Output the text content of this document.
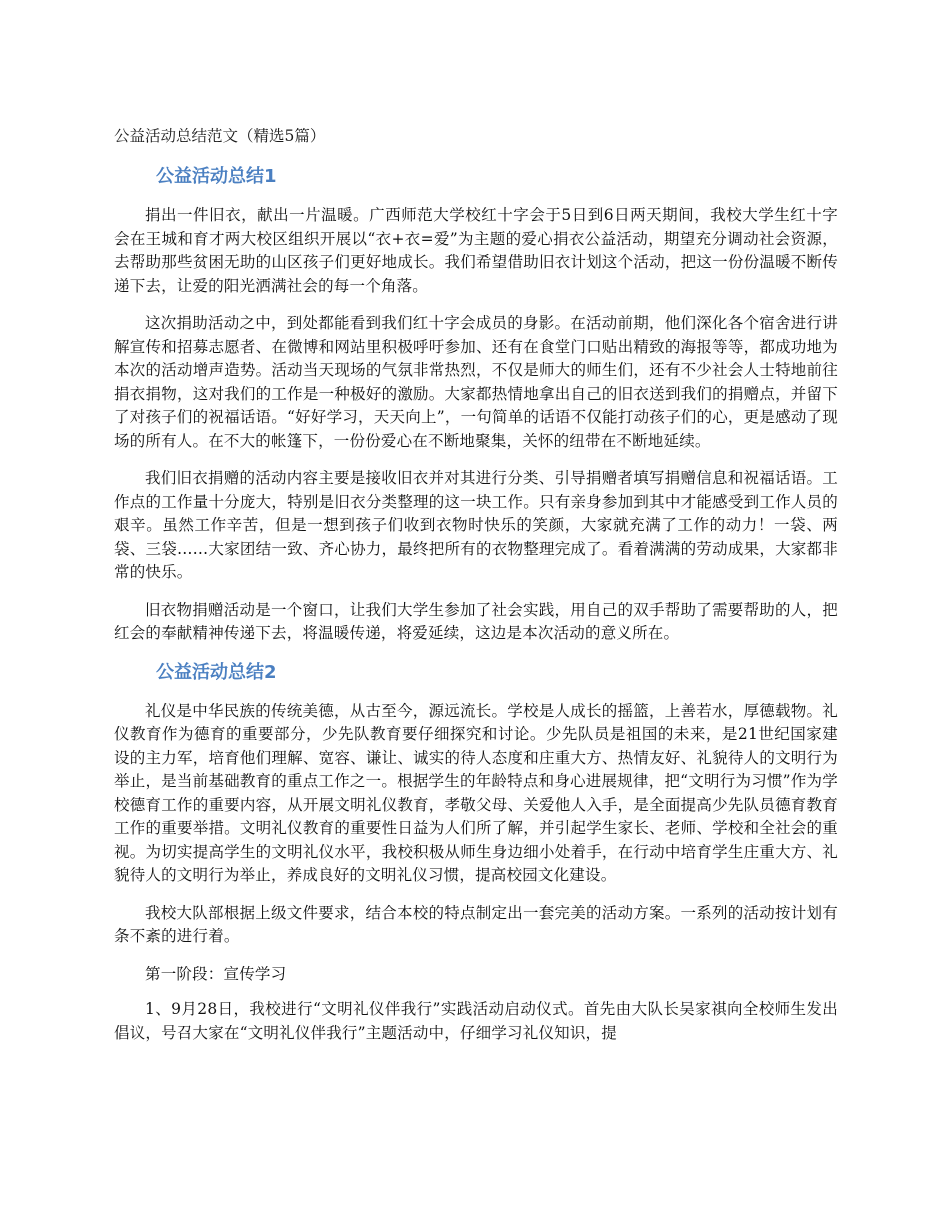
公益活动总结范文（精选5篇）
公益活动总结1

捐出一件旧衣，献出一片温暖。广西师范大学校红十字会于5日到6日两天期间，我校大学生红十字会在王城和育才两大校区组织开展以“衣+衣=爱”为主题的爱心捐衣公益活动，期望充分调动社会资源，去帮助那些贫困无助的山区孩子们更好地成长。我们希望借助旧衣计划这个活动，把这一份份温暖不断传递下去，让爱的阳光洒满社会的每一个角落。

这次捐助活动之中，到处都能看到我们红十字会成员的身影。在活动前期，他们深化各个宿舍进行讲解宣传和招募志愿者、在微博和网站里积极呼吁参加、还有在食堂门口贴出精致的海报等等，都成功地为本次的活动增声造势。活动当天现场的气氛非常热烈，不仅是师大的师生们，还有不少社会人士特地前往捐衣捐物，这对我们的工作是一种极好的激励。大家都热情地拿出自己的旧衣送到我们的捐赠点，并留下了对孩子们的祝福话语。“好好学习，天天向上”，一句简单的话语不仅能打动孩子们的心，更是感动了现场的所有人。在不大的帐篷下，一份份爱心在不断地聚集，关怀的纽带在不断地延续。

我们旧衣捐赠的活动内容主要是接收旧衣并对其进行分类、引导捐赠者填写捐赠信息和祝福话语。工作点的工作量十分庞大，特别是旧衣分类整理的这一块工作。只有亲身参加到其中才能感受到工作人员的艰辛。虽然工作辛苦，但是一想到孩子们收到衣物时快乐的笑颜，大家就充满了工作的动力！一袋、两袋、三袋……大家团结一致、齐心协力，最终把所有的衣物整理完成了。看着满满的劳动成果，大家都非常的快乐。

旧衣物捐赠活动是一个窗口，让我们大学生参加了社会实践，用自己的双手帮助了需要帮助的人，把红会的奉献精神传递下去，将温暖传递，将爱延续，这边是本次活动的意义所在。

公益活动总结2

礼仪是中华民族的传统美德，从古至今，源远流长。学校是人成长的摇篮，上善若水，厚德载物。礼仪教育作为德育的重要部分，少先队教育要仔细探究和讨论。少先队员是祖国的未来，是21世纪国家建设的主力军，培育他们理解、宽容、谦让、诚实的待人态度和庄重大方、热情友好、礼貌待人的文明行为举止，是当前基础教育的重点工作之一。根据学生的年龄特点和身心进展规律，把“文明行为习惯”作为学校德育工作的重要内容，从开展文明礼仪教育，孝敬父母、关爱他人入手，是全面提高少先队员德育教育工作的重要举措。文明礼仪教育的重要性日益为人们所了解，并引起学生家长、老师、学校和全社会的重视。为切实提高学生的文明礼仪水平，我校积极从师生身边细小处着手，在行动中培育学生庄重大方、礼貌待人的文明行为举止，养成良好的文明礼仪习惯，提高校园文化建设。

我校大队部根据上级文件要求，结合本校的特点制定出一套完美的活动方案。一系列的活动按计划有条不紊的进行着。

第一阶段：宣传学习

1、9月28日，我校进行“文明礼仪伴我行”实践活动启动仪式。首先由大队长吴家祺向全校师生发出倡议，号召大家在“文明礼仪伴我行”主题活动中，仔细学习礼仪知识，提
